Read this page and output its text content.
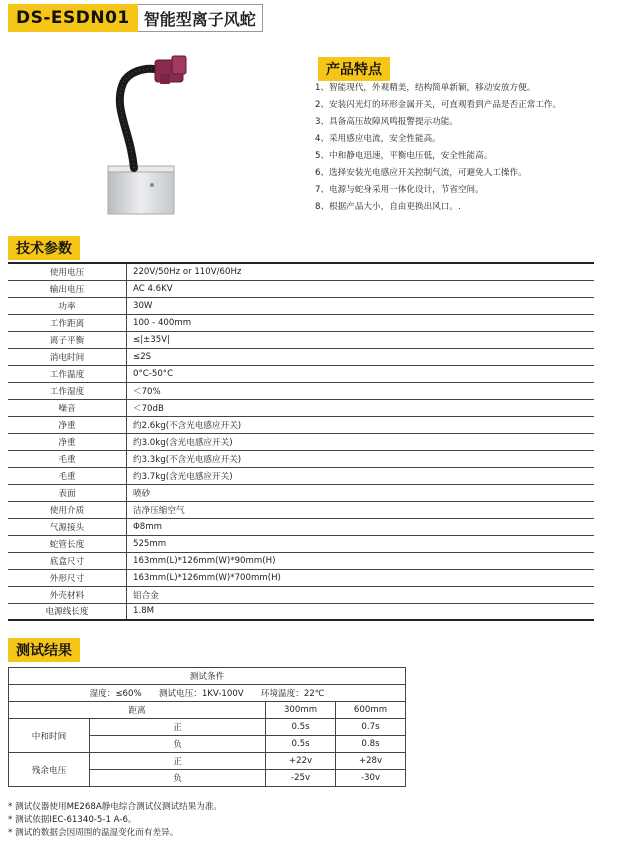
DS-ESDN01 智能型离子风蛇
产品特点
1、智能现代，外观精美，结构简单新颖，移动安放方便。
2、安装闪光灯的环形金属开关，可直观看到产品是否正常工作。
3、具备高压故障风鸣报警提示功能。
4、采用感应电流，安全性能高。
5、中和静电迅速，平衡电压低，安全性能高。
6、选择安装光电感应开关控制气流，可避免人工操作。
7、电源与蛇身采用一体化设计，节省空间。
8、根据产品大小，自由更换出风口。.
技术参数
使用电压	220V/50Hz or 110V/60Hz
输出电压	AC 4.6KV
功率	30W
工作距离	100 - 400mm
离子平衡	≤|±35V|
消电时间	≤2S
工作温度	0°C-50°C
工作湿度	＜70%
噪音	＜70dB
净重	约2.6kg(不含光电感应开关)
净重	约3.0kg(含光电感应开关)
毛重	约3.3kg(不含光电感应开关)
毛重	约3.7kg(含光电感应开关)
表面	喷砂
使用介质	洁净压缩空气
气源接头	Φ8mm
蛇管长度	525mm
底盒尺寸	163mm(L)*126mm(W)*90mm(H)
外形尺寸	163mm(L)*126mm(W)*700mm(H)
外壳材料	铝合金
电源线长度	1.8M
测试结果
测试条件			
湿度：≤60%　　测试电压：1KV-100V　　环境温度：22℃			
距离		300mm	600mm
中和时间	正	0.5s	0.7s
	负	0.5s	0.8s
残余电压	正	+22v	+28v
	负	-25v	-30v
* 测试仪器使用ME268A静电综合测试仪测试结果为准。
* 测试依据IEC-61340-5-1 A-6。
* 测试的数据会因周围的温湿变化而有差异。
